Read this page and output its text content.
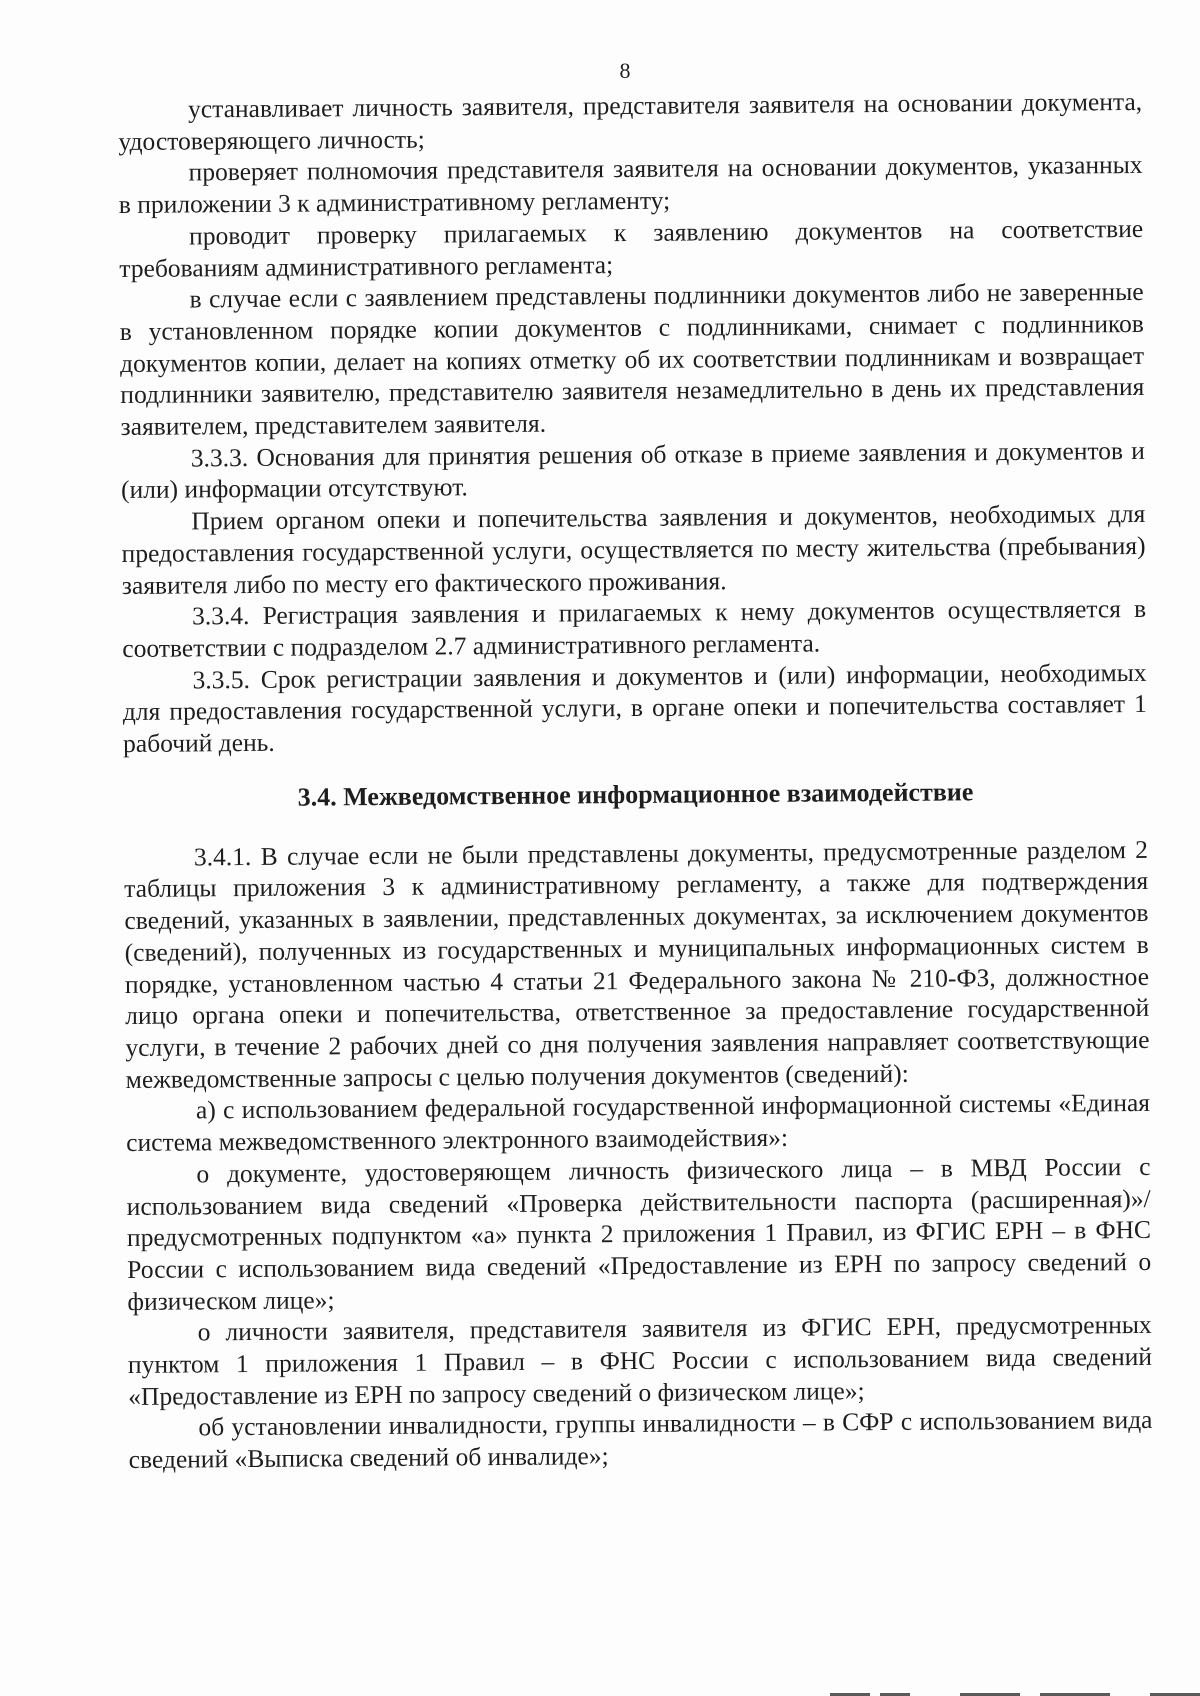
8

устанавливает личность заявителя, представителя заявителя на основании документа, удостоверяющего личность;

проверяет полномочия представителя заявителя на основании документов, указанных в приложении 3 к административному регламенту;

проводит проверку прилагаемых к заявлению документов на соответствие требованиям административного регламента;

в случае если с заявлением представлены подлинники документов либо не заверенные в установленном порядке копии документов с подлинниками, снимает с подлинников документов копии, делает на копиях отметку об их соответствии подлинникам и возвращает подлинники заявителю, представителю заявителя незамедлительно в день их представления заявителем, представителем заявителя.

3.3.3. Основания для принятия решения об отказе в приеме заявления и документов и (или) информации отсутствуют.

Прием органом опеки и попечительства заявления и документов, необходимых для предоставления государственной услуги, осуществляется по месту жительства (пребывания) заявителя либо по месту его фактического проживания.

3.3.4. Регистрация заявления и прилагаемых к нему документов осуществляется в соответствии с подразделом 2.7 административного регламента.

3.3.5. Срок регистрации заявления и документов и (или) информации, необходимых для предоставления государственной услуги, в органе опеки и попечительства составляет 1 рабочий день.

3.4. Межведомственное информационное взаимодействие

3.4.1. В случае если не были представлены документы, предусмотренные разделом 2 таблицы приложения 3 к административному регламенту, а также для подтверждения сведений, указанных в заявлении, представленных документах, за исключением документов (сведений), полученных из государственных и муниципальных информационных систем в порядке, установленном частью 4 статьи 21 Федерального закона № 210-ФЗ, должностное лицо органа опеки и попечительства, ответственное за предоставление государственной услуги, в течение 2 рабочих дней со дня получения заявления направляет соответствующие межведомственные запросы с целью получения документов (сведений):

а) с использованием федеральной государственной информационной системы «Единая система межведомственного электронного взаимодействия»:

о документе, удостоверяющем личность физического лица – в МВД России с использованием вида сведений «Проверка действительности паспорта (расширенная)»/предусмотренных подпунктом «а» пункта 2 приложения 1 Правил, из ФГИС ЕРН – в ФНС России с использованием вида сведений «Предоставление из ЕРН по запросу сведений о физическом лице»;

о личности заявителя, представителя заявителя из ФГИС ЕРН, предусмотренных пунктом 1 приложения 1 Правил – в ФНС России с использованием вида сведений «Предоставление из ЕРН по запросу сведений о физическом лице»;

об установлении инвалидности, группы инвалидности – в СФР с использованием вида сведений «Выписка сведений об инвалиде»;
